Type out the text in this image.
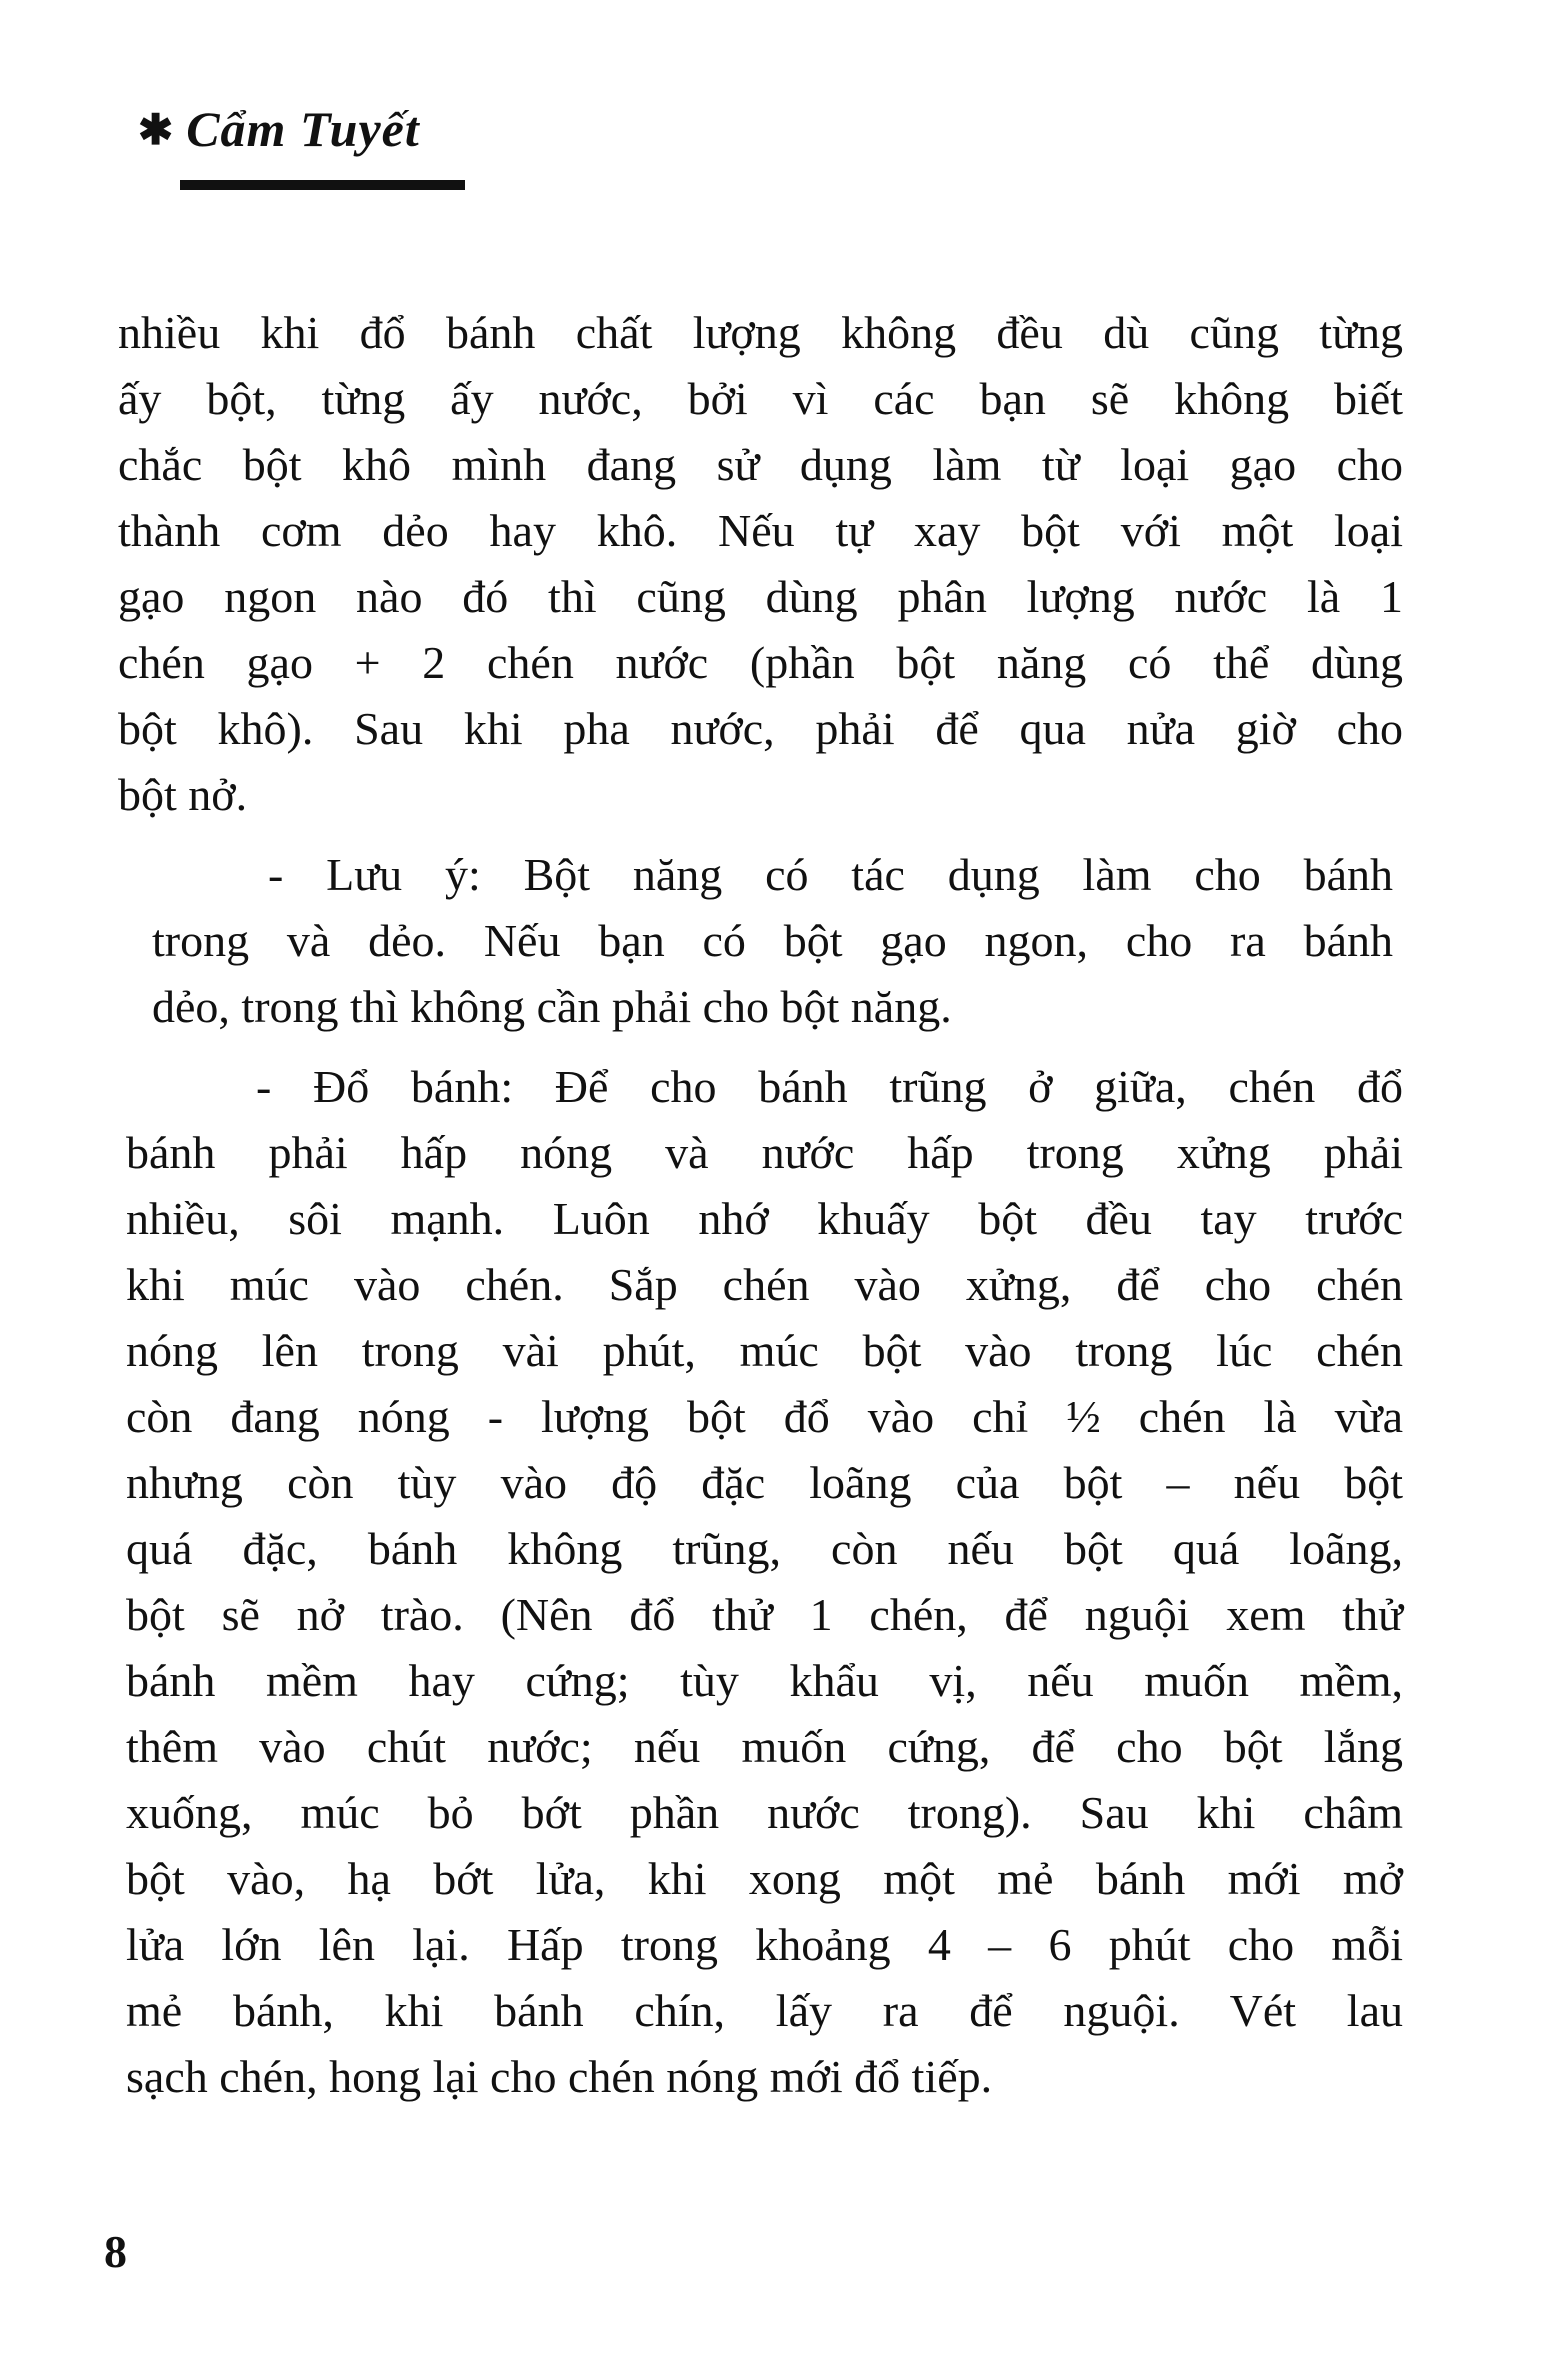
✱ Cẩm Tuyết
nhiều khi đổ bánh chất lượng không đều dù cũng từng
ấy bột, từng ấy nước, bởi vì các bạn sẽ không biết
chắc bột khô mình đang sử dụng làm từ loại gạo cho
thành cơm dẻo hay khô. Nếu tự xay bột với một loại
gạo ngon nào đó thì cũng dùng phân lượng nước là 1
chén gạo + 2 chén nước (phần bột năng có thể dùng
bột khô). Sau khi pha nước, phải để qua nửa giờ cho
bột nở.
- Lưu ý: Bột năng có tác dụng làm cho bánh
trong và dẻo. Nếu bạn có bột gạo ngon, cho ra bánh
dẻo, trong thì không cần phải cho bột năng.
- Đổ bánh: Để cho bánh trũng ở giữa, chén đổ
bánh phải hấp nóng và nước hấp trong xửng phải
nhiều, sôi mạnh. Luôn nhớ khuấy bột đều tay trước
khi múc vào chén. Sắp chén vào xửng, để cho chén
nóng lên trong vài phút, múc bột vào trong lúc chén
còn đang nóng - lượng bột đổ vào chỉ ½ chén là vừa
nhưng còn tùy vào độ đặc loãng của bột – nếu bột
quá đặc, bánh không trũng, còn nếu bột quá loãng,
bột sẽ nở trào. (Nên đổ thử 1 chén, để nguội xem thử
bánh mềm hay cứng; tùy khẩu vị, nếu muốn mềm,
thêm vào chút nước; nếu muốn cứng, để cho bột lắng
xuống, múc bỏ bớt phần nước trong). Sau khi châm
bột vào, hạ bớt lửa, khi xong một mẻ bánh mới mở
lửa lớn lên lại. Hấp trong khoảng 4 – 6 phút cho mỗi
mẻ bánh, khi bánh chín, lấy ra để nguội. Vét lau
sạch chén, hong lại cho chén nóng mới đổ tiếp.
8
